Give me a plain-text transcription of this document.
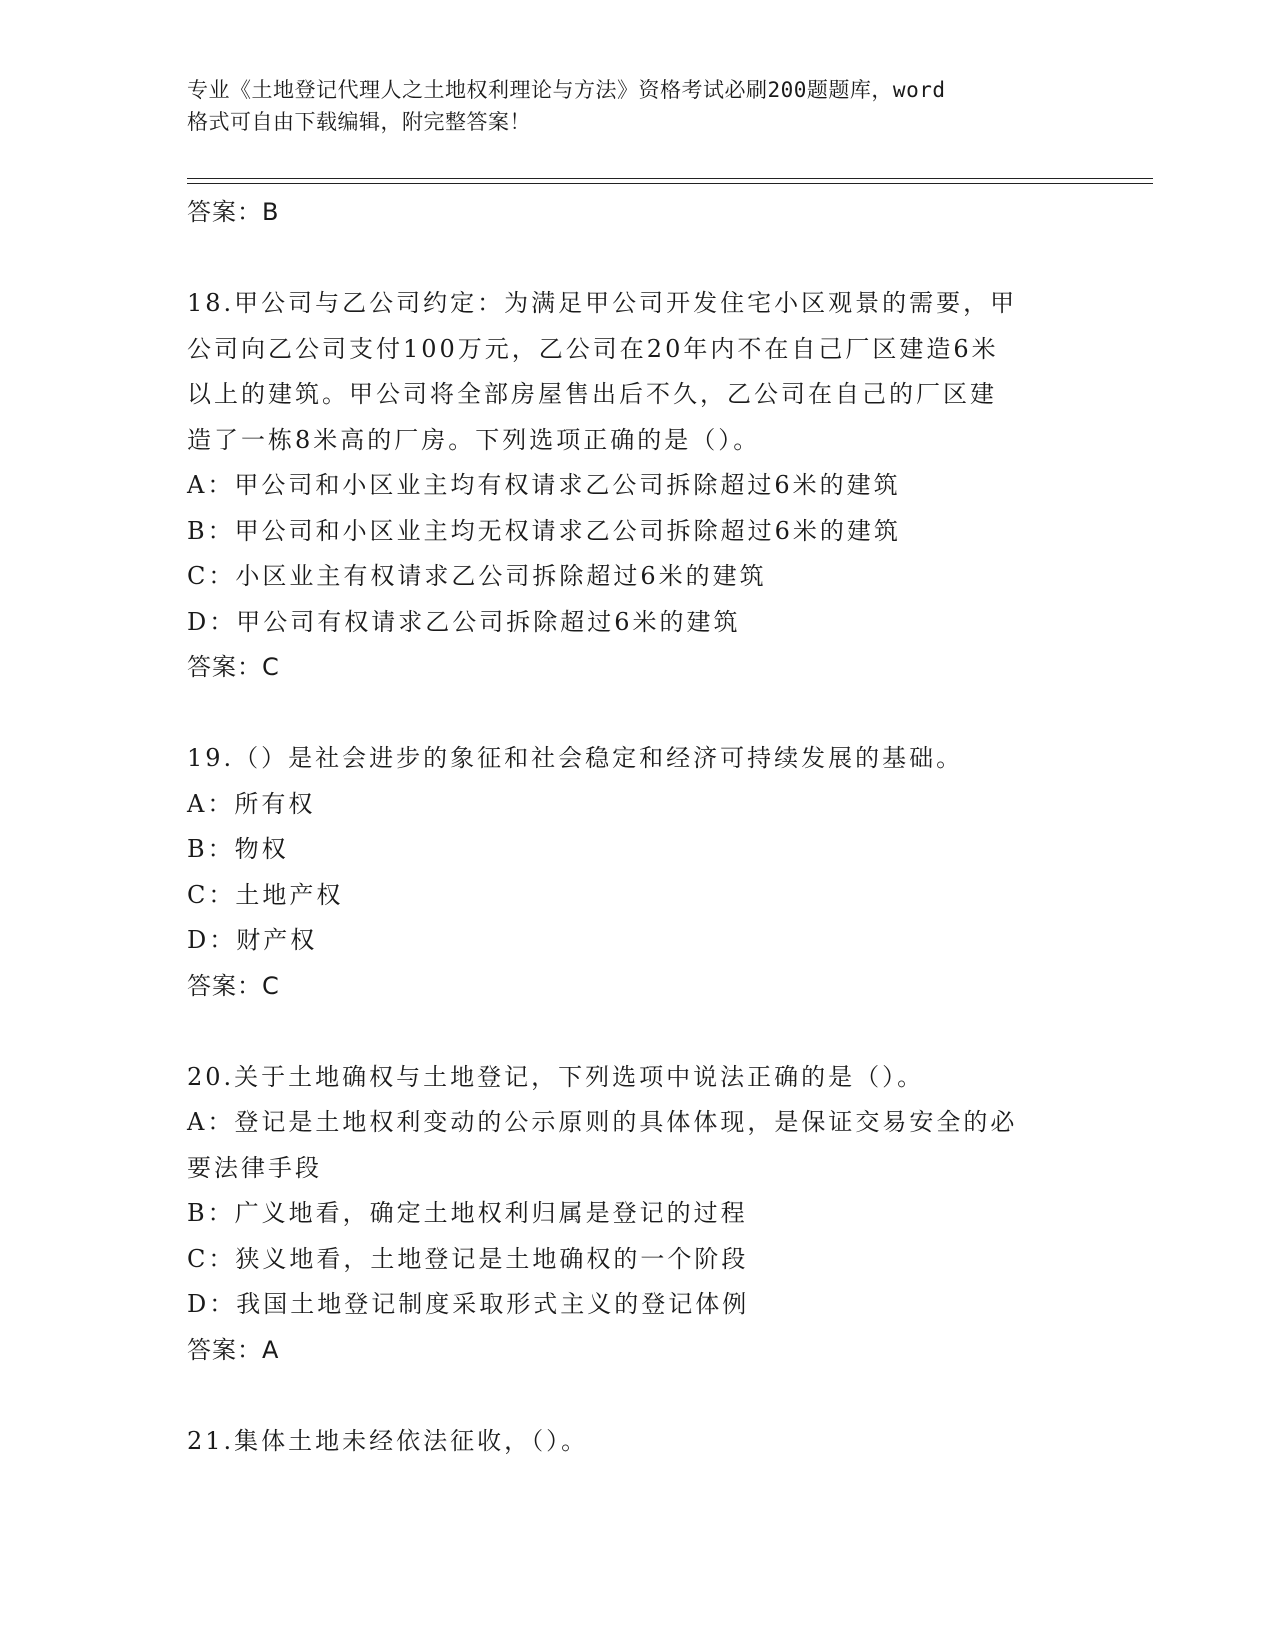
专业《土地登记代理人之土地权利理论与方法》资格考试必刷200题题库，word

格式可自由下载编辑，附完整答案！

答案：B

18.甲公司与乙公司约定：为满足甲公司开发住宅小区观景的需要，甲

公司向乙公司支付100万元，乙公司在20年内不在自己厂区建造6米

以上的建筑。甲公司将全部房屋售出后不久，乙公司在自己的厂区建

造了一栋8米高的厂房。下列选项正确的是（）。

A：甲公司和小区业主均有权请求乙公司拆除超过6米的建筑

B：甲公司和小区业主均无权请求乙公司拆除超过6米的建筑

C：小区业主有权请求乙公司拆除超过6米的建筑

D：甲公司有权请求乙公司拆除超过6米的建筑

答案：C

19.（）是社会进步的象征和社会稳定和经济可持续发展的基础。

A：所有权

B：物权

C：土地产权

D：财产权

答案：C

20.关于土地确权与土地登记，下列选项中说法正确的是（）。

A：登记是土地权利变动的公示原则的具体体现，是保证交易安全的必

要法律手段

B：广义地看，确定土地权利归属是登记的过程

C：狭义地看，土地登记是土地确权的一个阶段

D：我国土地登记制度采取形式主义的登记体例

答案：A

21.集体土地未经依法征收，（）。
